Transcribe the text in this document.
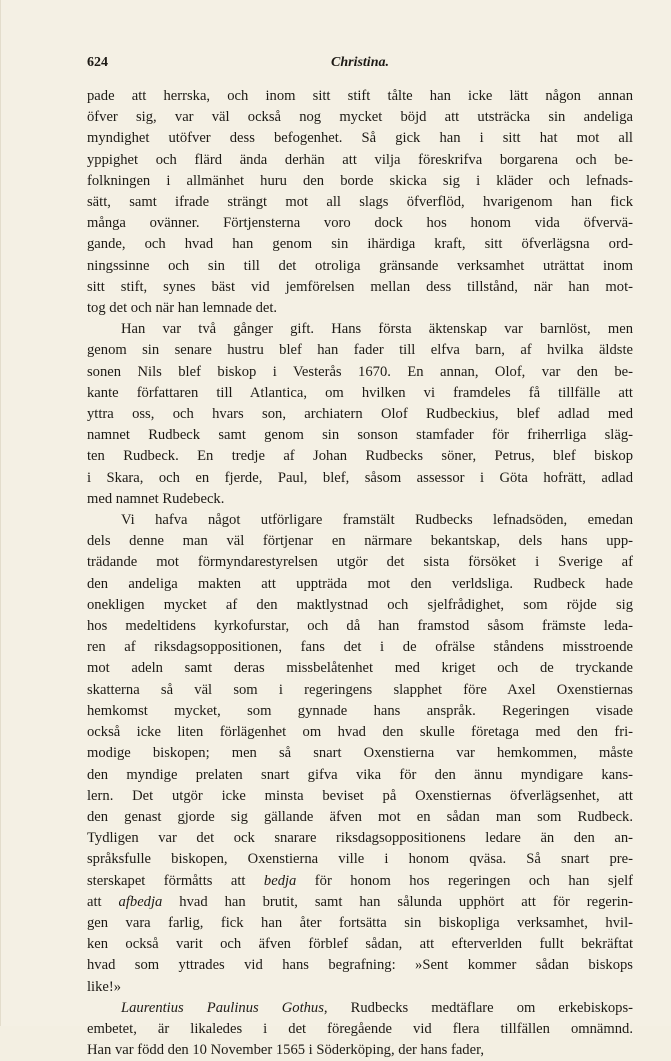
624	Christina.
pade att herrska, och inom sitt stift tålte han icke lätt någon annan
öfver sig, var väl också nog mycket böjd att utsträcka sin andeliga
myndighet utöfver dess befogenhet. Så gick han i sitt hat mot all
yppighet och flärd ända derhän att vilja föreskrifva borgarena och be-
folkningen i allmänhet huru den borde skicka sig i kläder och lefnads-
sätt, samt ifrade strängt mot all slags öfverflöd, hvarigenom han fick
många ovänner. Förtjensterna voro dock hos honom vida öfvervä-
gande, och hvad han genom sin ihärdiga kraft, sitt öfverlägsna ord-
ningssinne och sin till det otroliga gränsande verksamhet uträttat inom
sitt stift, synes bäst vid jemförelsen mellan dess tillstånd, när han mot-
tog det och när han lemnade det.
Han var två gånger gift. Hans första äktenskap var barnlöst, men
genom sin senare hustru blef han fader till elfva barn, af hvilka äldste
sonen Nils blef biskop i Vesterås 1670. En annan, Olof, var den be-
kante författaren till Atlantica, om hvilken vi framdeles få tillfälle att
yttra oss, och hvars son, archiatern Olof Rudbeckius, blef adlad med
namnet Rudbeck samt genom sin sonson stamfader för friherrliga släg-
ten Rudbeck. En tredje af Johan Rudbecks söner, Petrus, blef biskop
i Skara, och en fjerde, Paul, blef, såsom assessor i Göta hofrätt, adlad
med namnet Rudebeck.
Vi hafva något utförligare framstält Rudbecks lefnadsöden, emedan
dels denne man väl förtjenar en närmare bekantskap, dels hans upp-
trädande mot förmyndarestyrelsen utgör det sista försöket i Sverige af
den andeliga makten att uppträda mot den verldsliga. Rudbeck hade
onekligen mycket af den maktlystnad och sjelfrådighet, som röjde sig
hos medeltidens kyrkofurstar, och då han framstod såsom främste leda-
ren af riksdagsoppositionen, fans det i de ofrälse ståndens misstroende
mot adeln samt deras missbelåtenhet med kriget och de tryckande
skatterna så väl som i regeringens slapphet före Axel Oxenstiernas
hemkomst mycket, som gynnade hans anspråk. Regeringen visade
också icke liten förlägenhet om hvad den skulle företaga med den fri-
modige biskopen; men så snart Oxenstierna var hemkommen, måste
den myndige prelaten snart gifva vika för den ännu myndigare kans-
lern. Det utgör icke minsta beviset på Oxenstiernas öfverlägsenhet, att
den genast gjorde sig gällande äfven mot en sådan man som Rudbeck.
Tydligen var det ock snarare riksdagsoppositionens ledare än den an-
språksfulle biskopen, Oxenstierna ville i honom qväsa. Så snart pre-
sterskapet förmåtts att bedja för honom hos regeringen och han sjelf
att afbedja hvad han brutit, samt han sålunda upphört att för regerin-
gen vara farlig, fick han åter fortsätta sin biskopliga verksamhet, hvil-
ken också varit och äfven förblef sådan, att efterverlden fullt bekräftat
hvad som yttrades vid hans begrafning: »Sent kommer sådan biskops
like!»
Laurentius Paulinus Gothus, Rudbecks medtäflare om erkebiskops-
embetet, är likaledes i det föregående vid flera tillfällen omnämnd.
Han var född den 10 November 1565 i Söderköping, der hans fader,
